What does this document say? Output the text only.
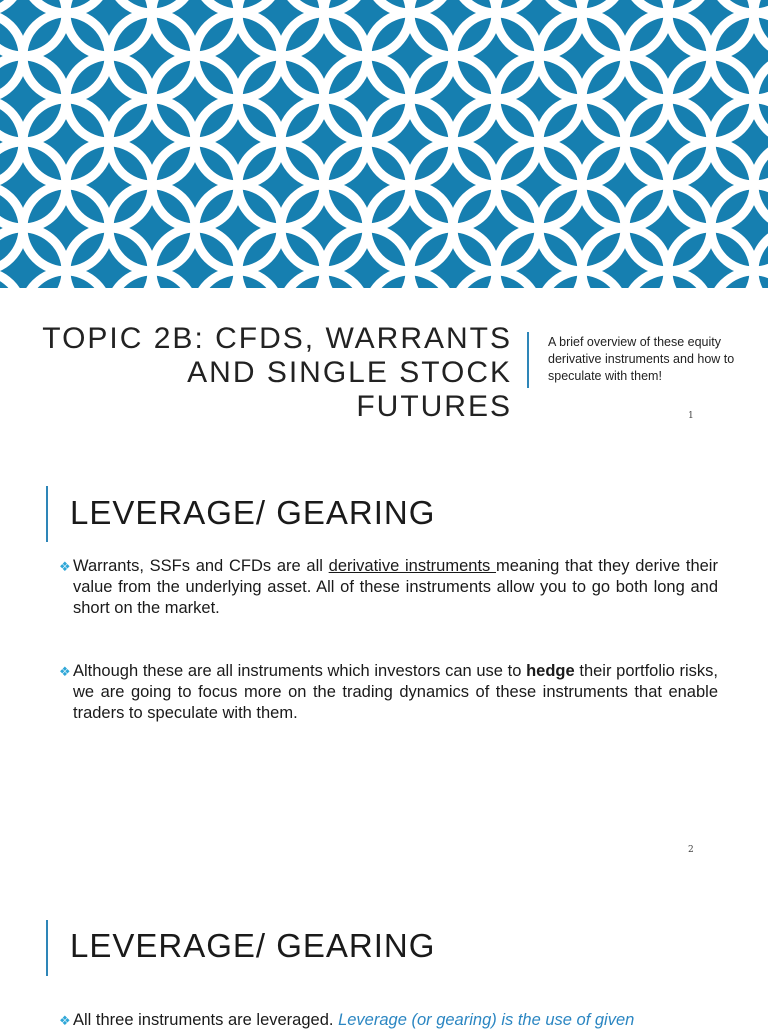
TOPIC 2B: CFDS, WARRANTS AND SINGLE STOCK FUTURES
A brief overview of these equity derivative instruments and how to speculate with them!
1
LEVERAGE/ GEARING
❖ Warrants, SSFs and CFDs are all derivative instruments meaning that they derive their value from the underlying asset. All of these instruments allow you to go both long and short on the market.
❖ Although these are all instruments which investors can use to hedge their portfolio risks, we are going to focus more on the trading dynamics of these instruments that enable traders to speculate with them.
2
LEVERAGE/ GEARING
❖ All three instruments are leveraged. Leverage (or gearing) is the use of given
